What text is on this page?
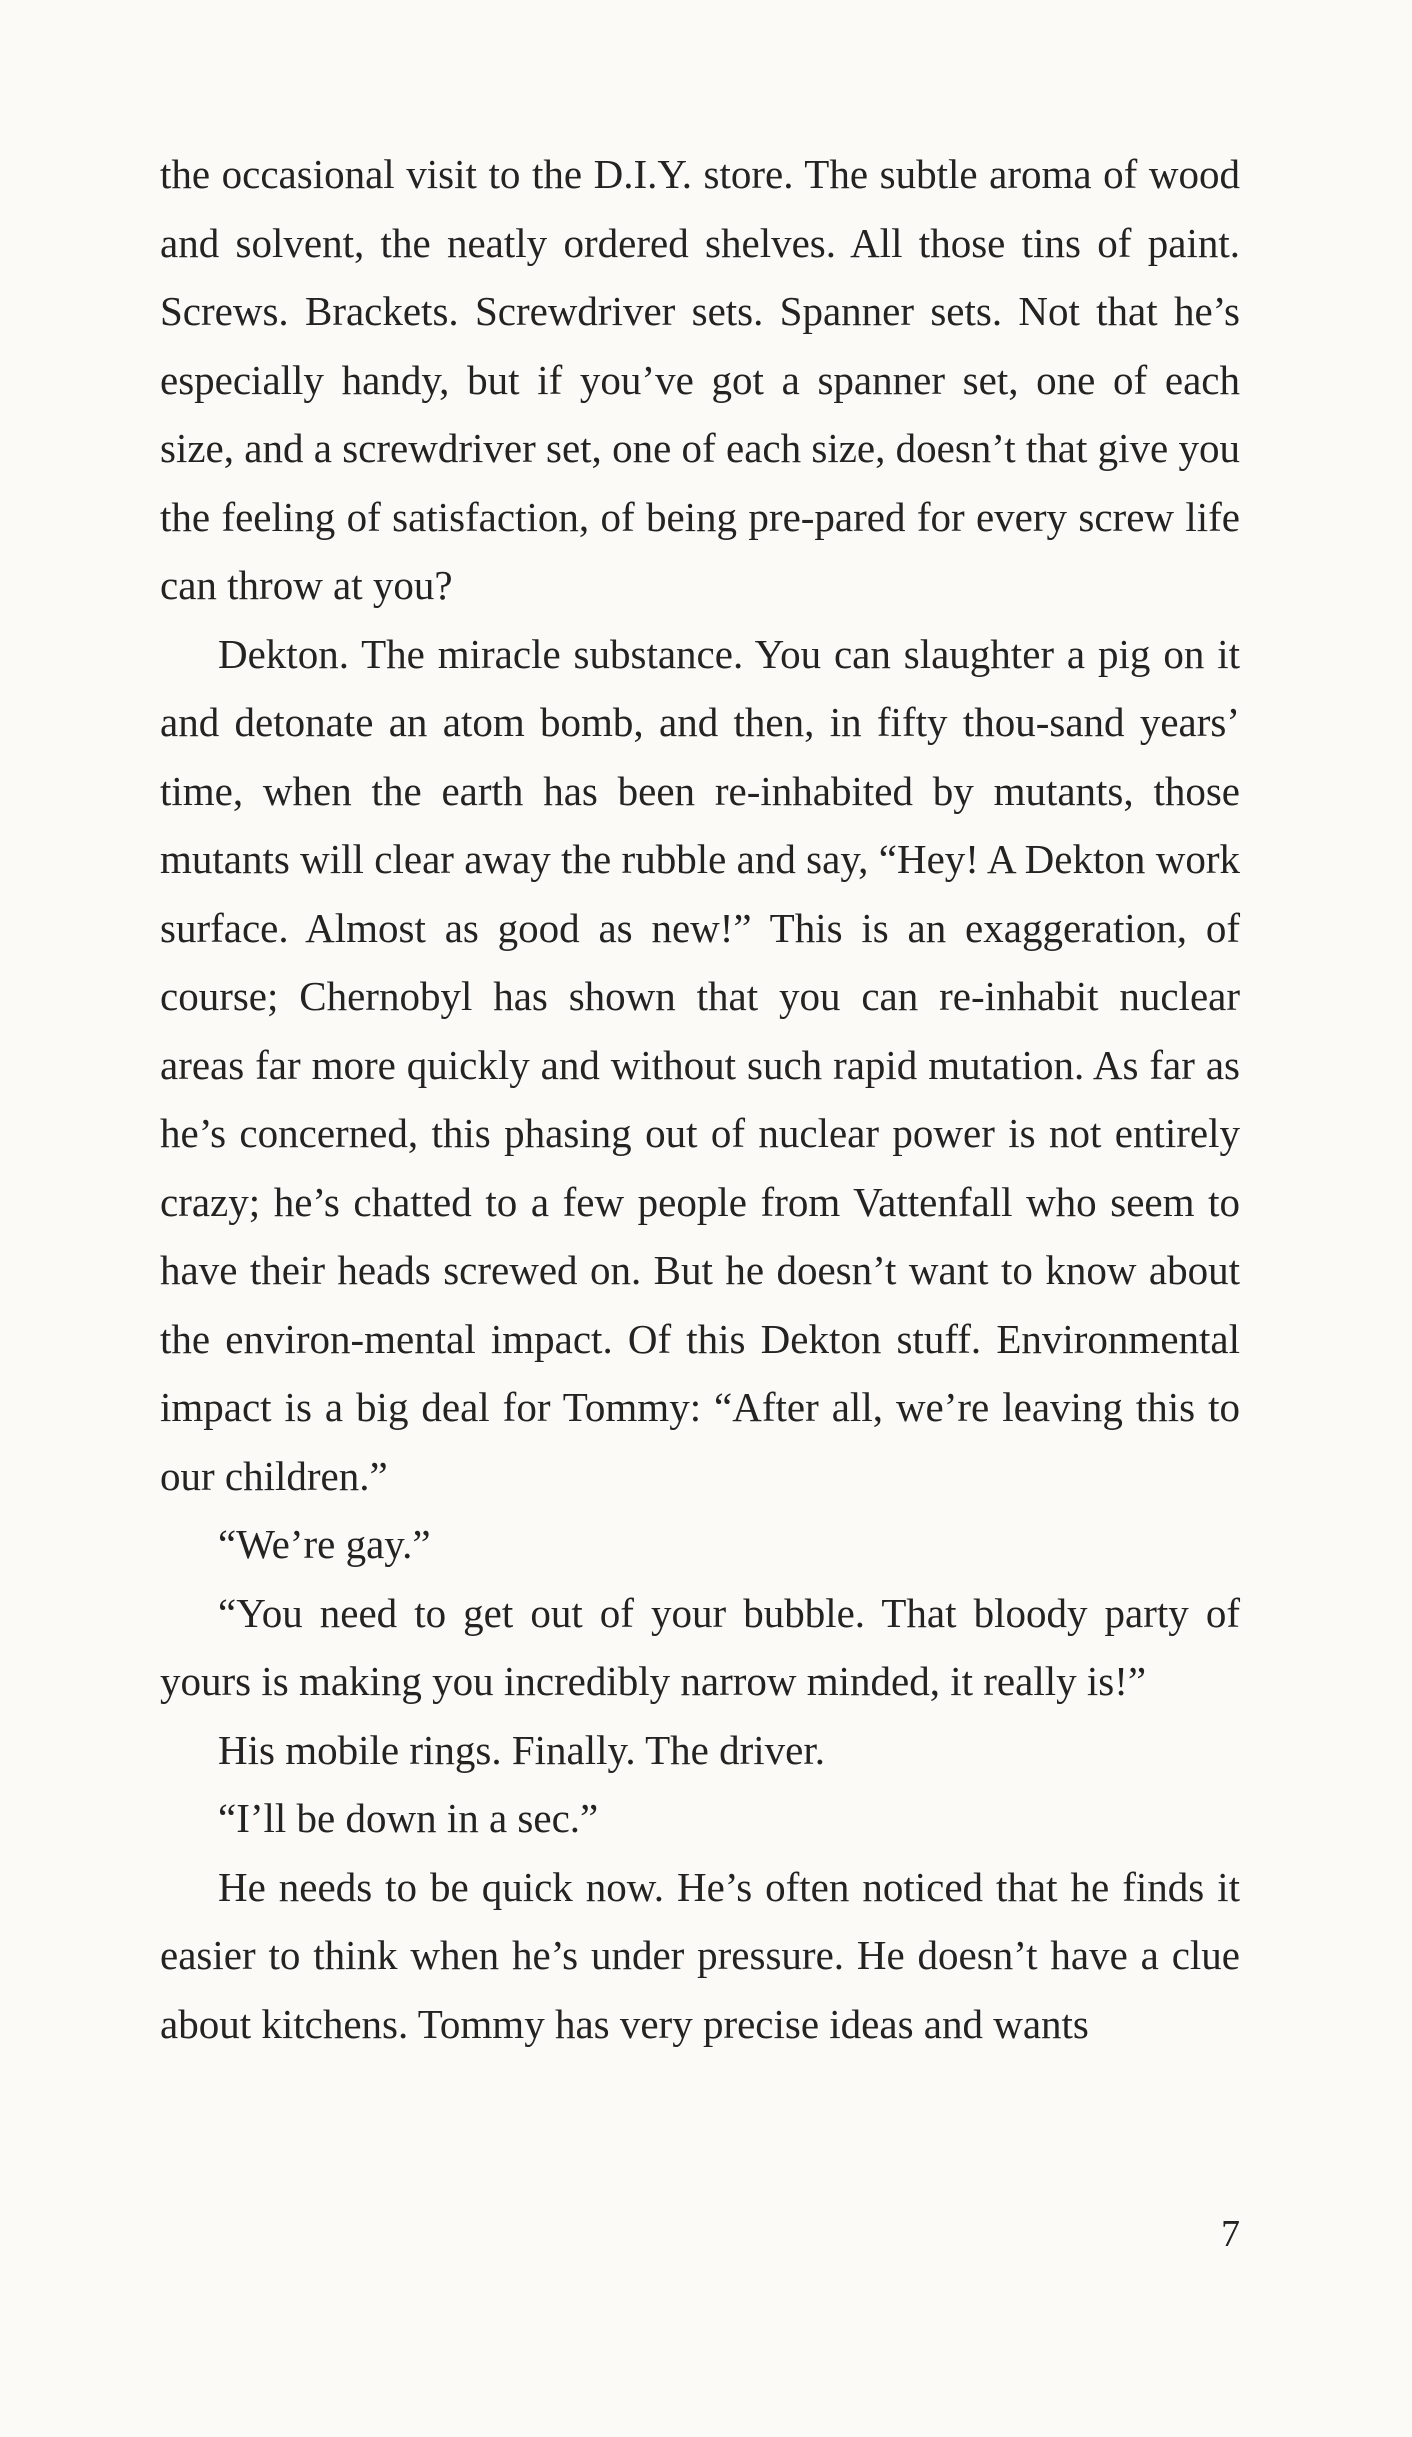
the occasional visit to the D.I.Y. store. The subtle aroma of wood and solvent, the neatly ordered shelves. All those tins of paint. Screws. Brackets. Screwdriver sets. Spanner sets. Not that he’s especially handy, but if you’ve got a spanner set, one of each size, and a screwdriver set, one of each size, doesn’t that give you the feeling of satisfaction, of being pre-pared for every screw life can throw at you?

Dekton. The miracle substance. You can slaughter a pig on it and detonate an atom bomb, and then, in fifty thou-sand years’ time, when the earth has been re-inhabited by mutants, those mutants will clear away the rubble and say, “Hey! A Dekton work surface. Almost as good as new!” This is an exaggeration, of course; Chernobyl has shown that you can re-inhabit nuclear areas far more quickly and without such rapid mutation. As far as he’s concerned, this phasing out of nuclear power is not entirely crazy; he’s chatted to a few people from Vattenfall who seem to have their heads screwed on. But he doesn’t want to know about the environ-mental impact. Of this Dekton stuff. Environmental impact is a big deal for Tommy: “After all, we’re leaving this to our children.”

“We’re gay.”

“You need to get out of your bubble. That bloody party of yours is making you incredibly narrow minded, it really is!”

His mobile rings. Finally. The driver.

“I’ll be down in a sec.”

He needs to be quick now. He’s often noticed that he finds it easier to think when he’s under pressure. He doesn’t have a clue about kitchens. Tommy has very precise ideas and wants

7
